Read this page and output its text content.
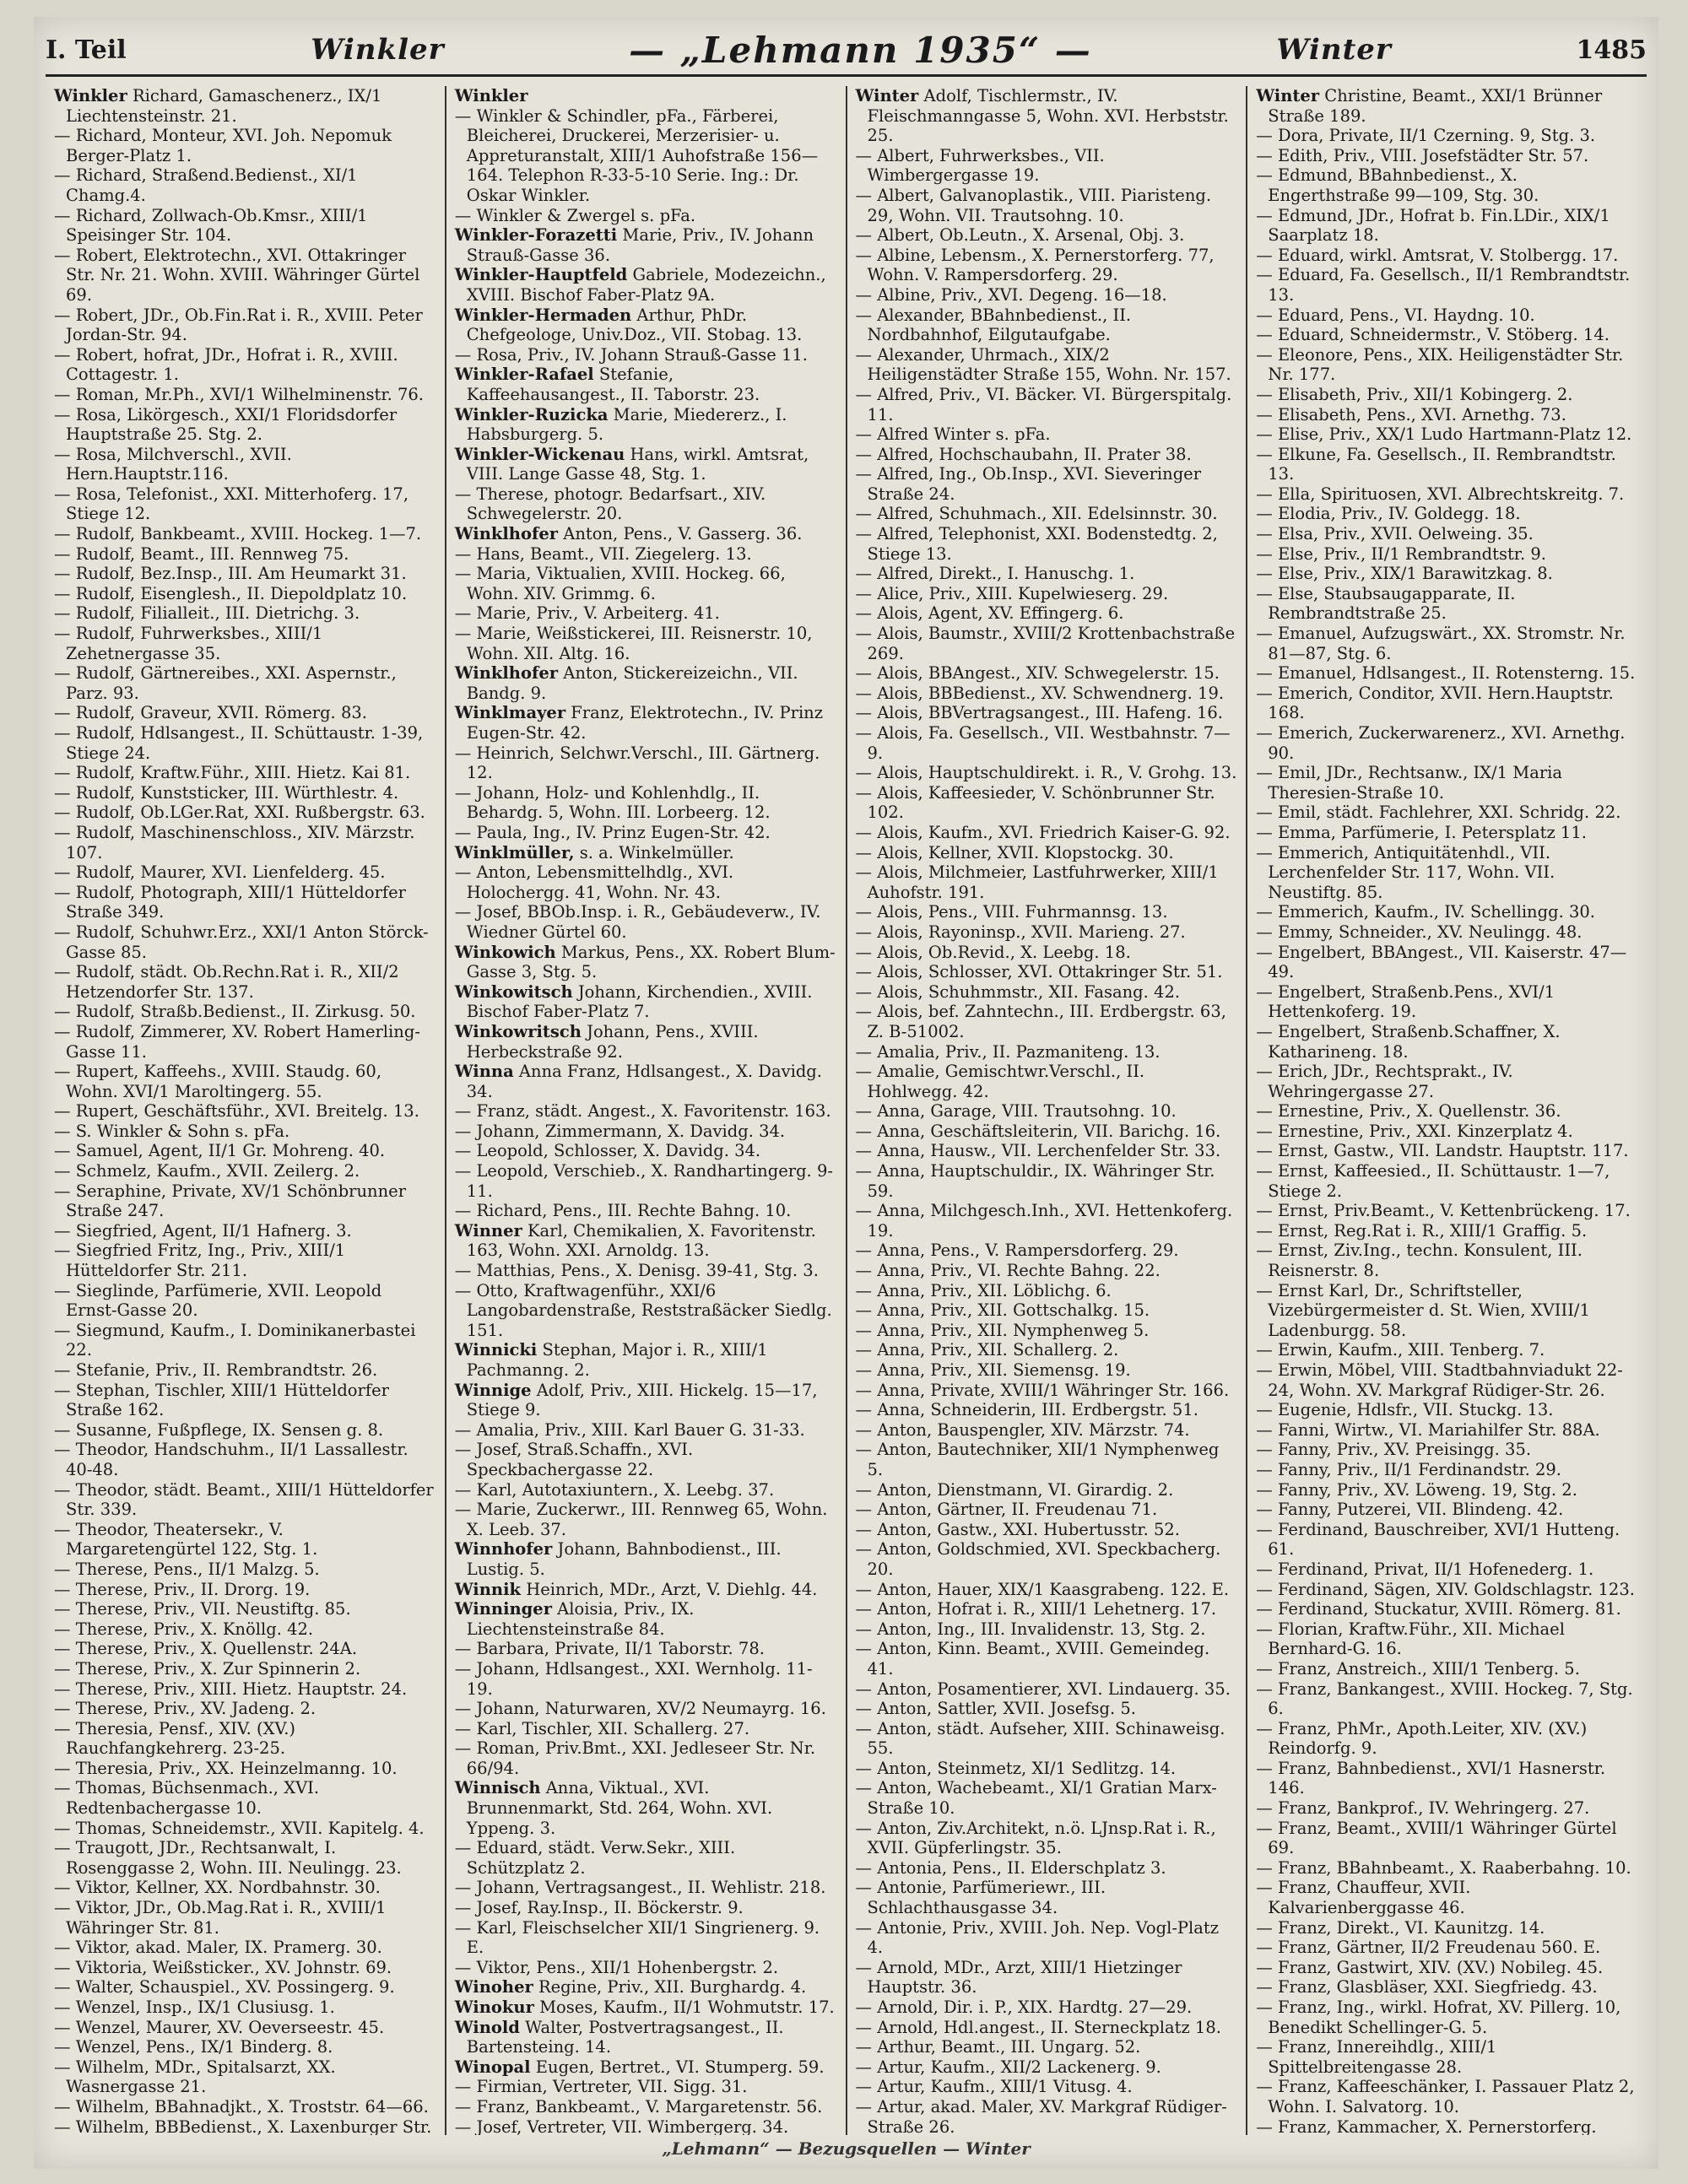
I. Teil	Winkler	— „Lehmann 1935“ —	Winter	1485
Winkler Richard, Gamaschenerz., IX/1 Liechtensteinstr. 21.
— Richard, Monteur, XVI. Joh. Nepomuk Berger-Platz 1.
— Richard, Straßend.Bedienst., XI/1 Chamg.4.
— Richard, Zollwach-Ob.Kmsr., XIII/1 Speisinger Str. 104.
— Robert, Elektrotechn., XVI. Ottakringer Str. Nr. 21. Wohn. XVIII. Währinger Gürtel 69.
— Robert, JDr., Ob.Fin.Rat i. R., XVIII. Peter Jordan-Str. 94.
— Robert, hofrat, JDr., Hofrat i. R., XVIII. Cottagestr. 1.
— Roman, Mr.Ph., XVI/1 Wilhelminenstr. 76.
— Rosa, Likörgesch., XXI/1 Floridsdorfer Hauptstraße 25. Stg. 2.
— Rosa, Milchverschl., XVII. Hern.Hauptstr.116.
— Rosa, Telefonist., XXI. Mitterhoferg. 17, Stiege 12.
— Rudolf, Bankbeamt., XVIII. Hockeg. 1—7.
— Rudolf, Beamt., III. Rennweg 75.
— Rudolf, Bez.Insp., III. Am Heumarkt 31.
— Rudolf, Eisenglesh., II. Diepoldplatz 10.
— Rudolf, Filialleit., III. Dietrichg. 3.
— Rudolf, Fuhrwerksbes., XIII/1 Zehetnergasse 35.
— Rudolf, Gärtnereibes., XXI. Aspernstr., Parz. 93.
— Rudolf, Graveur, XVII. Römerg. 83.
— Rudolf, Hdlsangest., II. Schüttaustr. 1-39, Stiege 24.
— Rudolf, Kraftw.Führ., XIII. Hietz. Kai 81.
— Rudolf, Kunststicker, III. Würthlestr. 4.
— Rudolf, Ob.LGer.Rat, XXI. Rußbergstr. 63.
— Rudolf, Maschinenschloss., XIV. Märzstr. 107.
— Rudolf, Maurer, XVI. Lienfelderg. 45.
— Rudolf, Photograph, XIII/1 Hütteldorfer Straße 349.
— Rudolf, Schuhwr.Erz., XXI/1 Anton Störck-Gasse 85.
— Rudolf, städt. Ob.Rechn.Rat i. R., XII/2 Hetzendorfer Str. 137.
— Rudolf, Straßb.Bedienst., II. Zirkusg. 50.
— Rudolf, Zimmerer, XV. Robert Hamerling-Gasse 11.
— Rupert, Kaffeehs., XVIII. Staudg. 60, Wohn. XVI/1 Maroltingerg. 55.
— Rupert, Geschäftsführ., XVI. Breitelg. 13.
— S. Winkler & Sohn s. pFa.
— Samuel, Agent, II/1 Gr. Mohreng. 40.
— Schmelz, Kaufm., XVII. Zeilerg. 2.
— Seraphine, Private, XV/1 Schönbrunner Straße 247.
— Siegfried, Agent, II/1 Hafnerg. 3.
— Siegfried Fritz, Ing., Priv., XIII/1 Hütteldorfer Str. 211.
— Sieglinde, Parfümerie, XVII. Leopold Ernst-Gasse 20.
— Siegmund, Kaufm., I. Dominikanerbastei 22.
— Stefanie, Priv., II. Rembrandtstr. 26.
— Stephan, Tischler, XIII/1 Hütteldorfer Straße 162.
— Susanne, Fußpflege, IX. Sensen g. 8.
— Theodor, Handschuhm., II/1 Lassallestr. 40-48.
— Theodor, städt. Beamt., XIII/1 Hütteldorfer Str. 339.
— Theodor, Theatersekr., V. Margaretengürtel 122, Stg. 1.
— Therese, Pens., II/1 Malzg. 5.
— Therese, Priv., II. Drorg. 19.
— Therese, Priv., VII. Neustiftg. 85.
— Therese, Priv., X. Knöllg. 42.
— Therese, Priv., X. Quellenstr. 24A.
— Therese, Priv., X. Zur Spinnerin 2.
— Therese, Priv., XIII. Hietz. Hauptstr. 24.
— Therese, Priv., XV. Jadeng. 2.
— Theresia, Pensf., XIV. (XV.) Rauchfangkehrerg. 23-25.
— Theresia, Priv., XX. Heinzelmanng. 10.
— Thomas, Büchsenmach., XVI. Redtenbachergasse 10.
— Thomas, Schneidemstr., XVII. Kapitelg. 4.
— Traugott, JDr., Rechtsanwalt, I. Rosenggasse 2, Wohn. III. Neulingg. 23.
— Viktor, Kellner, XX. Nordbahnstr. 30.
— Viktor, JDr., Ob.Mag.Rat i. R., XVIII/1 Währinger Str. 81.
— Viktor, akad. Maler, IX. Pramerg. 30.
— Viktoria, Weißsticker., XV. Johnstr. 69.
— Walter, Schauspiel., XV. Possingerg. 9.
— Wenzel, Insp., IX/1 Clusiusg. 1.
— Wenzel, Maurer, XV. Oeverseestr. 45.
— Wenzel, Pens., IX/1 Binderg. 8.
— Wilhelm, MDr., Spitalsarzt, XX. Wasnergasse 21.
— Wilhelm, BBahnadjkt., X. Troststr. 64—66.
— Wilhelm, BBBedienst., X. Laxenburger Str.
Winkler
— Winkler & Schindler, pFa., Färberei, Bleicherei, Druckerei, Merzerisier- u. Appreturanstalt, XIII/1 Auhofstraße 156—164. Telephon R-33-5-10 Serie. Ing.: Dr. Oskar Winkler.
— Winkler & Zwergel s. pFa.
Winkler-Forazetti Marie, Priv., IV. Johann Strauß-Gasse 36.
Winkler-Hauptfeld Gabriele, Modezeichn., XVIII. Bischof Faber-Platz 9A.
Winkler-Hermaden Arthur, PhDr. Chefgeologe, Univ.Doz., VII. Stobag. 13.
— Rosa, Priv., IV. Johann Strauß-Gasse 11.
Winkler-Rafael Stefanie, Kaffeehausangest., II. Taborstr. 23.
Winkler-Ruzicka Marie, Miedererz., I. Habsburgerg. 5.
Winkler-Wickenau Hans, wirkl. Amtsrat, VIII. Lange Gasse 48, Stg. 1.
— Therese, photogr. Bedarfsart., XIV. Schwegelerstr. 20.
Winklhofer Anton, Pens., V. Gasserg. 36.
— Hans, Beamt., VII. Ziegelerg. 13.
— Maria, Viktualien, XVIII. Hockeg. 66, Wohn. XIV. Grimmg. 6.
— Marie, Priv., V. Arbeiterg. 41.
— Marie, Weißstickerei, III. Reisnerstr. 10, Wohn. XII. Altg. 16.
Winklhofer Anton, Stickereizeichn., VII. Bandg. 9.
Winklmayer Franz, Elektrotechn., IV. Prinz Eugen-Str. 42.
— Heinrich, Selchwr.Verschl., III. Gärtnerg. 12.
— Johann, Holz- und Kohlenhdlg., II. Behardg. 5, Wohn. III. Lorbeerg. 12.
— Paula, Ing., IV. Prinz Eugen-Str. 42.
Winklmüller, s. a. Winkelmüller.
— Anton, Lebensmittelhdlg., XVI. Holochergg. 41, Wohn. Nr. 43.
— Josef, BBOb.Insp. i. R., Gebäudeverw., IV. Wiedner Gürtel 60.
Winkowich Markus, Pens., XX. Robert Blum-Gasse 3, Stg. 5.
Winkowitsch Johann, Kirchendien., XVIII. Bischof Faber-Platz 7.
Winkowritsch Johann, Pens., XVIII. Herbeckstraße 92.
Winna Anna Franz, Hdlsangest., X. Davidg. 34.
— Franz, städt. Angest., X. Favoritenstr. 163.
— Johann, Zimmermann, X. Davidg. 34.
— Leopold, Schlosser, X. Davidg. 34.
— Leopold, Verschieb., X. Randhartingerg. 9-11.
— Richard, Pens., III. Rechte Bahng. 10.
Winner Karl, Chemikalien, X. Favoritenstr. 163, Wohn. XXI. Arnoldg. 13.
— Matthias, Pens., X. Denisg. 39-41, Stg. 3.
— Otto, Kraftwagenführ., XXI/6 Langobardenstraße, Reststraßäcker Siedlg. 151.
Winnicki Stephan, Major i. R., XIII/1 Pachmanng. 2.
Winnige Adolf, Priv., XIII. Hickelg. 15—17, Stiege 9.
— Amalia, Priv., XIII. Karl Bauer G. 31-33.
— Josef, Straß.Schaffn., XVI. Speckbachergasse 22.
— Karl, Autotaxiuntern., X. Leebg. 37.
— Marie, Zuckerwr., III. Rennweg 65, Wohn. X. Leeb. 37.
Winnhofer Johann, Bahnbodienst., III. Lustig. 5.
Winnik Heinrich, MDr., Arzt, V. Diehlg. 44.
Winninger Aloisia, Priv., IX. Liechtensteinstraße 84.
— Barbara, Private, II/1 Taborstr. 78.
— Johann, Hdlsangest., XXI. Wernholg. 11-19.
— Johann, Naturwaren, XV/2 Neumayrg. 16.
— Karl, Tischler, XII. Schallerg. 27.
— Roman, Priv.Bmt., XXI. Jedleseer Str. Nr. 66/94.
Winnisch Anna, Viktual., XVI. Brunnenmarkt, Std. 264, Wohn. XVI. Yppeng. 3.
— Eduard, städt. Verw.Sekr., XIII. Schützplatz 2.
— Johann, Vertragsangest., II. Wehlistr. 218.
— Josef, Ray.Insp., II. Böckerstr. 9.
— Karl, Fleischselcher XII/1 Singrienerg. 9. E.
— Viktor, Pens., XII/1 Hohenbergstr. 2.
Winoher Regine, Priv., XII. Burghardg. 4.
Winokur Moses, Kaufm., II/1 Wohmutstr. 17.
Winold Walter, Postvertragsangest., II. Bartensteing. 14.
Winopal Eugen, Bertret., VI. Stumperg. 59.
— Firmian, Vertreter, VII. Sigg. 31.
— Franz, Bankbeamt., V. Margaretenstr. 56.
— Josef, Vertreter, VII. Wimbergerg. 34.
Winter Adolf, Tischlermstr., IV. Fleischmanngasse 5, Wohn. XVI. Herbststr. 25.
— Albert, Fuhrwerksbes., VII. Wimbergergasse 19.
— Albert, Galvanoplastik., VIII. Piaristeng. 29, Wohn. VII. Trautsohng. 10.
— Albert, Ob.Leutn., X. Arsenal, Obj. 3.
— Albine, Lebensm., X. Pernerstorferg. 77, Wohn. V. Rampersdorferg. 29.
— Albine, Priv., XVI. Degeng. 16—18.
— Alexander, BBahnbedienst., II. Nordbahnhof, Eilgutaufgabe.
— Alexander, Uhrmach., XIX/2 Heiligenstädter Straße 155, Wohn. Nr. 157.
— Alfred, Priv., VI. Bäcker. VI. Bürgerspitalg. 11.
— Alfred Winter s. pFa.
— Alfred, Hochschaubahn, II. Prater 38.
— Alfred, Ing., Ob.Insp., XVI. Sieveringer Straße 24.
— Alfred, Schuhmach., XII. Edelsinnstr. 30.
— Alfred, Telephonist, XXI. Bodenstedtg. 2, Stiege 13.
— Alfred, Direkt., I. Hanuschg. 1.
— Alice, Priv., XIII. Kupelwieserg. 29.
— Alois, Agent, XV. Effingerg. 6.
— Alois, Baumstr., XVIII/2 Krottenbachstraße 269.
— Alois, BBAngest., XIV. Schwegelerstr. 15.
— Alois, BBBedienst., XV. Schwendnerg. 19.
— Alois, BBVertragsangest., III. Hafeng. 16.
— Alois, Fa. Gesellsch., VII. Westbahnstr. 7—9.
— Alois, Hauptschuldirekt. i. R., V. Grohg. 13.
— Alois, Kaffeesieder, V. Schönbrunner Str. 102.
— Alois, Kaufm., XVI. Friedrich Kaiser-G. 92.
— Alois, Kellner, XVII. Klopstockg. 30.
— Alois, Milchmeier, Lastfuhrwerker, XIII/1 Auhofstr. 191.
— Alois, Pens., VIII. Fuhrmannsg. 13.
— Alois, Rayoninsp., XVII. Marieng. 27.
— Alois, Ob.Revid., X. Leebg. 18.
— Alois, Schlosser, XVI. Ottakringer Str. 51.
— Alois, Schuhmmstr., XII. Fasang. 42.
— Alois, bef. Zahntechn., III. Erdbergstr. 63, Z. B-51002.
— Amalia, Priv., II. Pazmaniteng. 13.
— Amalie, Gemischtwr.Verschl., II. Hohlwegg. 42.
— Anna, Garage, VIII. Trautsohng. 10.
— Anna, Geschäftsleiterin, VII. Barichg. 16.
— Anna, Hausw., VII. Lerchenfelder Str. 33.
— Anna, Hauptschuldir., IX. Währinger Str. 59.
— Anna, Milchgesch.Inh., XVI. Hettenkoferg. 19.
— Anna, Pens., V. Rampersdorferg. 29.
— Anna, Priv., VI. Rechte Bahng. 22.
— Anna, Priv., XII. Löblichg. 6.
— Anna, Priv., XII. Gottschalkg. 15.
— Anna, Priv., XII. Nymphenweg 5.
— Anna, Priv., XII. Schallerg. 2.
— Anna, Priv., XII. Siemensg. 19.
— Anna, Private, XVIII/1 Währinger Str. 166.
— Anna, Schneiderin, III. Erdbergstr. 51.
— Anton, Bauspengler, XIV. Märzstr. 74.
— Anton, Bautechniker, XII/1 Nymphenweg 5.
— Anton, Dienstmann, VI. Girardig. 2.
— Anton, Gärtner, II. Freudenau 71.
— Anton, Gastw., XXI. Hubertusstr. 52.
— Anton, Goldschmied, XVI. Speckbacherg. 20.
— Anton, Hauer, XIX/1 Kaasgrabeng. 122. E.
— Anton, Hofrat i. R., XIII/1 Lehetnerg. 17.
— Anton, Ing., III. Invalidenstr. 13, Stg. 2.
— Anton, Kinn. Beamt., XVIII. Gemeindeg. 41.
— Anton, Posamentierer, XVI. Lindauerg. 35.
— Anton, Sattler, XVII. Josefsg. 5.
— Anton, städt. Aufseher, XIII. Schinaweisg. 55.
— Anton, Steinmetz, XI/1 Sedlitzg. 14.
— Anton, Wachebeamt., XI/1 Gratian Marx-Straße 10.
— Anton, Ziv.Architekt, n.ö. LJnsp.Rat i. R., XVII. Güpferlingstr. 35.
— Antonia, Pens., II. Elderschplatz 3.
— Antonie, Parfümeriewr., III. Schlachthausgasse 34.
— Antonie, Priv., XVIII. Joh. Nep. Vogl-Platz 4.
— Arnold, MDr., Arzt, XIII/1 Hietzinger Hauptstr. 36.
— Arnold, Dir. i. P., XIX. Hardtg. 27—29.
— Arnold, Hdl.angest., II. Sterneckplatz 18.
— Arthur, Beamt., III. Ungarg. 52.
— Artur, Kaufm., XII/2 Lackenerg. 9.
— Artur, Kaufm., XIII/1 Vitusg. 4.
— Artur, akad. Maler, XV. Markgraf Rüdiger-Straße 26.
Winter Christine, Beamt., XXI/1 Brünner Straße 189.
— Dora, Private, II/1 Czerning. 9, Stg. 3.
— Edith, Priv., VIII. Josefstädter Str. 57.
— Edmund, BBahnbedienst., X. Engerthstraße 99—109, Stg. 30.
— Edmund, JDr., Hofrat b. Fin.LDir., XIX/1 Saarplatz 18.
— Eduard, wirkl. Amtsrat, V. Stolbergg. 17.
— Eduard, Fa. Gesellsch., II/1 Rembrandtstr. 13.
— Eduard, Pens., VI. Haydng. 10.
— Eduard, Schneidermstr., V. Stöberg. 14.
— Eleonore, Pens., XIX. Heiligenstädter Str. Nr. 177.
— Elisabeth, Priv., XII/1 Kobingerg. 2.
— Elisabeth, Pens., XVI. Arnethg. 73.
— Elise, Priv., XX/1 Ludo Hartmann-Platz 12.
— Elkune, Fa. Gesellsch., II. Rembrandtstr. 13.
— Ella, Spirituosen, XVI. Albrechtskreitg. 7.
— Elodia, Priv., IV. Goldegg. 18.
— Elsa, Priv., XVII. Oelweing. 35.
— Else, Priv., II/1 Rembrandtstr. 9.
— Else, Priv., XIX/1 Barawitzkag. 8.
— Else, Staubsaugapparate, II. Rembrandtstraße 25.
— Emanuel, Aufzugswärt., XX. Stromstr. Nr. 81—87, Stg. 6.
— Emanuel, Hdlsangest., II. Rotensterng. 15.
— Emerich, Conditor, XVII. Hern.Hauptstr. 168.
— Emerich, Zuckerwarenerz., XVI. Arnethg. 90.
— Emil, JDr., Rechtsanw., IX/1 Maria Theresien-Straße 10.
— Emil, städt. Fachlehrer, XXI. Schridg. 22.
— Emma, Parfümerie, I. Petersplatz 11.
— Emmerich, Antiquitätenhdl., VII. Lerchenfelder Str. 117, Wohn. VII. Neustiftg. 85.
— Emmerich, Kaufm., IV. Schellingg. 30.
— Emmy, Schneider., XV. Neulingg. 48.
— Engelbert, BBAngest., VII. Kaiserstr. 47—49.
— Engelbert, Straßenb.Pens., XVI/1 Hettenkoferg. 19.
— Engelbert, Straßenb.Schaffner, X. Katharineng. 18.
— Erich, JDr., Rechtsprakt., IV. Wehringergasse 27.
— Ernestine, Priv., X. Quellenstr. 36.
— Ernestine, Priv., XXI. Kinzerplatz 4.
— Ernst, Gastw., VII. Landstr. Hauptstr. 117.
— Ernst, Kaffeesied., II. Schüttaustr. 1—7, Stiege 2.
— Ernst, Priv.Beamt., V. Kettenbrückeng. 17.
— Ernst, Reg.Rat i. R., XIII/1 Graffig. 5.
— Ernst, Ziv.Ing., techn. Konsulent, III. Reisnerstr. 8.
— Ernst Karl, Dr., Schriftsteller, Vizebürgermeister d. St. Wien, XVIII/1 Ladenburgg. 58.
— Erwin, Kaufm., XIII. Tenberg. 7.
— Erwin, Möbel, VIII. Stadtbahnviadukt 22-24, Wohn. XV. Markgraf Rüdiger-Str. 26.
— Eugenie, Hdlsfr., VII. Stuckg. 13.
— Fanni, Wirtw., VI. Mariahilfer Str. 88A.
— Fanny, Priv., XV. Preisingg. 35.
— Fanny, Priv., II/1 Ferdinandstr. 29.
— Fanny, Priv., XV. Löweng. 19, Stg. 2.
— Fanny, Putzerei, VII. Blindeng. 42.
— Ferdinand, Bauschreiber, XVI/1 Hutteng. 61.
— Ferdinand, Privat, II/1 Hofenederg. 1.
— Ferdinand, Sägen, XIV. Goldschlagstr. 123.
— Ferdinand, Stuckatur, XVIII. Römerg. 81.
— Florian, Kraftw.Führ., XII. Michael Bernhard-G. 16.
— Franz, Anstreich., XIII/1 Tenberg. 5.
— Franz, Bankangest., XVIII. Hockeg. 7, Stg. 6.
— Franz, PhMr., Apoth.Leiter, XIV. (XV.) Reindorfg. 9.
— Franz, Bahnbedienst., XVI/1 Hasnerstr. 146.
— Franz, Bankprof., IV. Wehringerg. 27.
— Franz, Beamt., XVIII/1 Währinger Gürtel 69.
— Franz, BBahnbeamt., X. Raaberbahng. 10.
— Franz, Chauffeur, XVII. Kalvarienberggasse 46.
— Franz, Direkt., VI. Kaunitzg. 14.
— Franz, Gärtner, II/2 Freudenau 560. E.
— Franz, Gastwirt, XIV. (XV.) Nobileg. 45.
— Franz, Glasbläser, XXI. Siegfriedg. 43.
— Franz, Ing., wirkl. Hofrat, XV. Pillerg. 10, Benedikt Schellinger-G. 5.
— Franz, Innereihdlg., XIII/1 Spittelbreitengasse 28.
— Franz, Kaffeeschänker, I. Passauer Platz 2, Wohn. I. Salvatorg. 10.
— Franz, Kammacher, X. Pernerstorferg.
„Lehmann“ — Bezugsquellen — Winter
